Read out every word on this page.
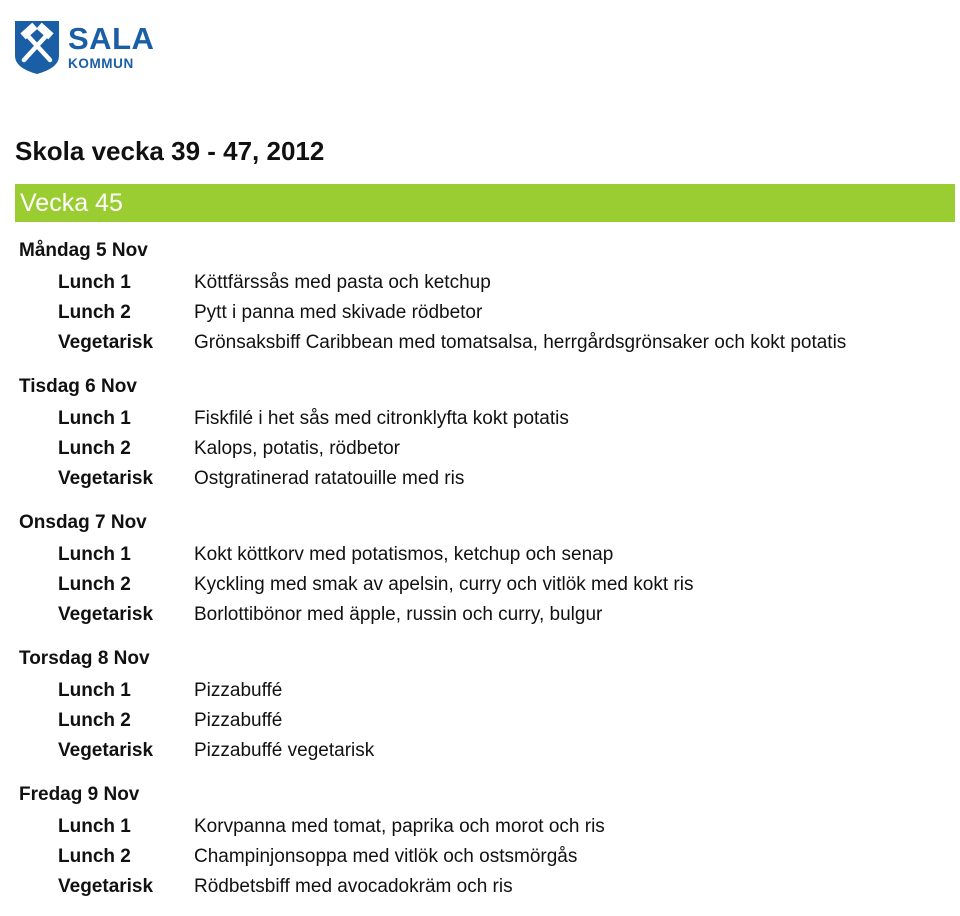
SALA
KOMMUN
Skola vecka 39 - 47, 2012
Vecka 45
Måndag 5 Nov
Lunch 1	Köttfärssås med pasta och ketchup
Lunch 2	Pytt i panna med skivade rödbetor
Vegetarisk Grönsaksbiff Caribbean med tomatsalsa, herrgårdsgrönsaker och kokt potatis
Tisdag 6 Nov
Lunch 1	Fiskfilé i het sås med citronklyfta kokt potatis
Lunch 2	Kalops, potatis, rödbetor
Vegetarisk Ostgratinerad ratatouille med ris
Onsdag 7 Nov
Lunch 1	Kokt köttkorv med potatismos, ketchup och senap
Lunch 2	Kyckling med smak av apelsin, curry och vitlök med kokt ris
Vegetarisk Borlottibönor med äpple, russin och curry, bulgur
Torsdag 8 Nov
Lunch 1	Pizzabuffé
Lunch 2	Pizzabuffé
Vegetarisk Pizzabuffé vegetarisk
Fredag 9 Nov
Lunch 1	Korvpanna med tomat, paprika och morot och ris
Lunch 2	Champinjonsoppa med vitlök och ostsmörgås
Vegetarisk Rödbetsbiff med avocadokräm och ris
